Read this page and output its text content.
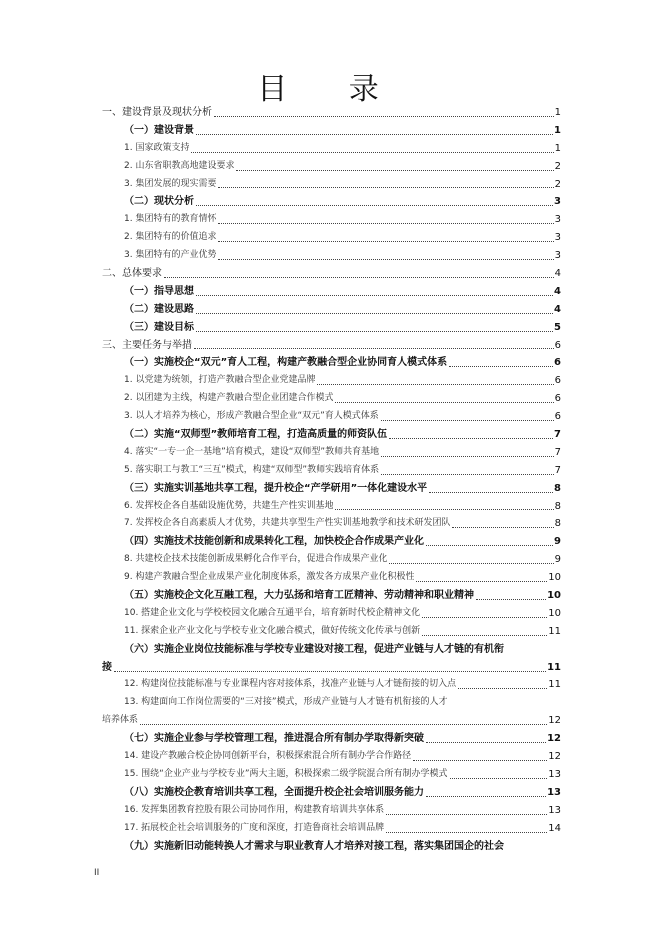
目 录
一、建设背景及现状分析	1
（一）建设背景	1
1. 国家政策支持	1
2. 山东省职教高地建设要求	2
3. 集团发展的现实需要	2
（二）现状分析	3
1. 集团特有的教育情怀	3
2. 集团特有的价值追求	3
3. 集团特有的产业优势	3
二、总体要求	4
（一）指导思想	4
（二）建设思路	4
（三）建设目标	5
三、主要任务与举措	6
（一）实施校企“双元”育人工程，构建产教融合型企业协同育人模式体系	6
1. 以党建为统领，打造产教融合型企业党建品牌	6
2. 以团建为主线，构建产教融合型企业团建合作模式	6
3. 以人才培养为核心，形成产教融合型企业“双元”育人模式体系	6
（二）实施“双师型”教师培育工程，打造高质量的师资队伍	7
4. 落实“一专一企一基地”培育模式，建设“双师型”教师共育基地	7
5. 落实职工与教工“三互”模式，构建“双师型”教师实践培育体系	7
（三）实施实训基地共享工程，提升校企“产学研用”一体化建设水平	8
6. 发挥校企各自基础设施优势，共建生产性实训基地	8
7. 发挥校企各自高素质人才优势，共建共享型生产性实训基地教学和技术研发团队	8
（四）实施技术技能创新和成果转化工程，加快校企合作成果产业化	9
8. 共建校企技术技能创新成果孵化合作平台，促进合作成果产业化	9
9. 构建产教融合型企业成果产业化制度体系，激发各方成果产业化积极性	10
（五）实施校企文化互融工程，大力弘扬和培育工匠精神、劳动精神和职业精神	10
10. 搭建企业文化与学校校园文化融合互通平台，培育新时代校企精神文化	10
11. 探索企业产业文化与学校专业文化融合模式，做好传统文化传承与创新	11
（六）实施企业岗位技能标准与学校专业建设对接工程，促进产业链与人才链的有机衔
接	11
12. 构建岗位技能标准与专业课程内容对接体系，找准产业链与人才链衔接的切入点	11
13. 构建面向工作岗位需要的“三对接”模式，形成产业链与人才链有机衔接的人才
培养体系	12
（七）实施企业参与学校管理工程，推进混合所有制办学取得新突破	12
14. 建设产教融合校企协同创新平台，积极探索混合所有制办学合作路径	12
15. 围绕“企业产业与学校专业”两大主题，积极探索二级学院混合所有制办学模式	13
（八）实施校企教育培训共享工程，全面提升校企社会培训服务能力	13
16. 发挥集团教育控股有限公司协同作用，构建教育培训共享体系	13
17. 拓展校企社会培训服务的广度和深度，打造鲁商社会培训品牌	14
（九）实施新旧动能转换人才需求与职业教育人才培养对接工程，落实集团国企的社会
II
